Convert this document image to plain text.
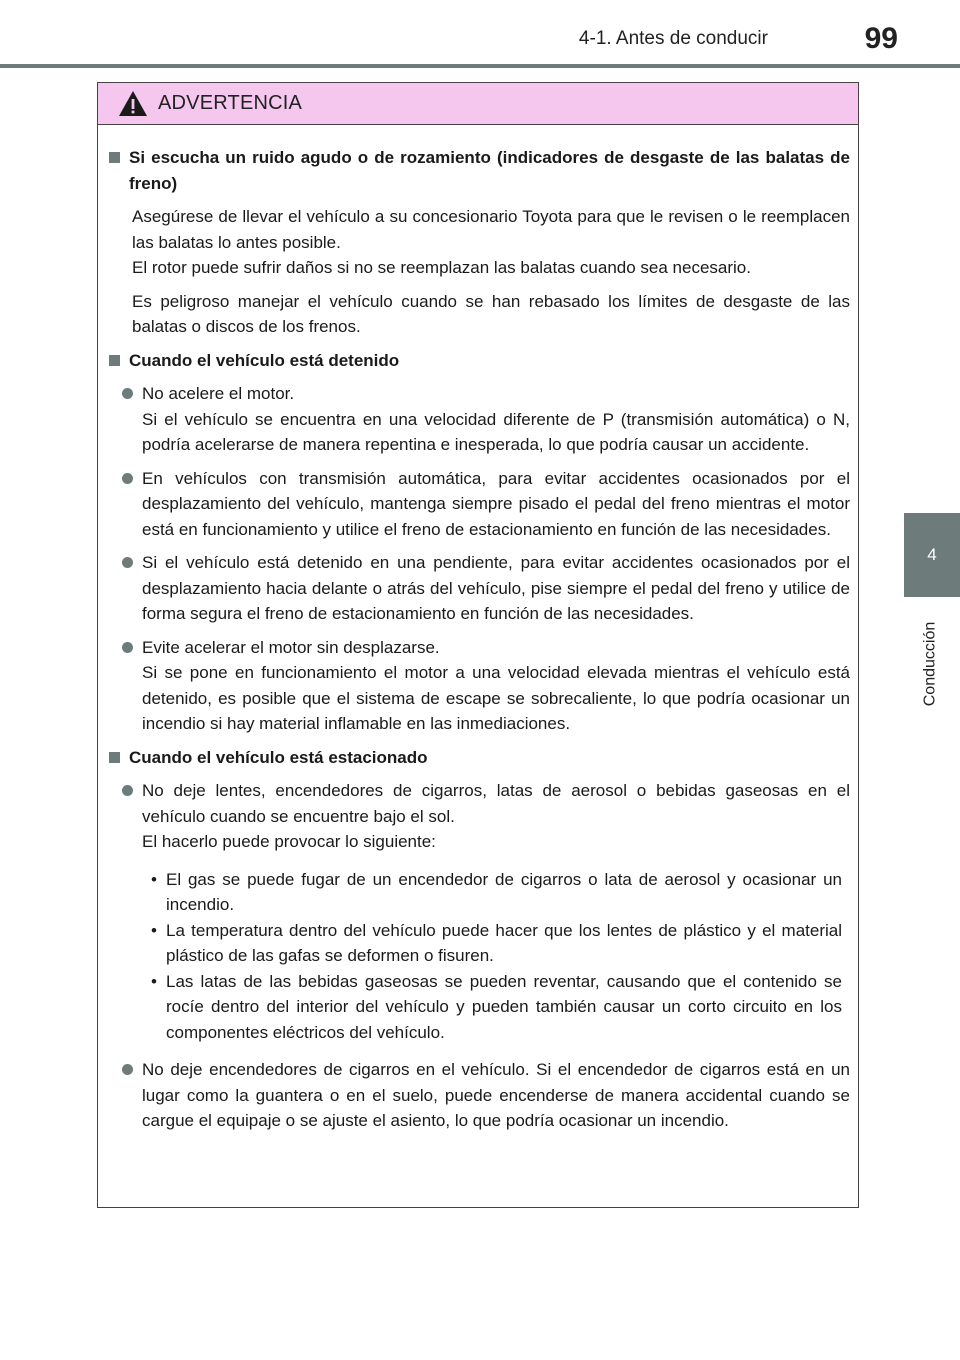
4-1. Antes de conducir	99
4
Conducción
ADVERTENCIA
Si escucha un ruido agudo o de rozamiento (indicadores de desgaste de las balatas de freno)
Asegúrese de llevar el vehículo a su concesionario Toyota para que le revisen o le reemplacen las balatas lo antes posible.
El rotor puede sufrir daños si no se reemplazan las balatas cuando sea necesario.
Es peligroso manejar el vehículo cuando se han rebasado los límites de desgaste de las balatas o discos de los frenos.
Cuando el vehículo está detenido
No acelere el motor.
Si el vehículo se encuentra en una velocidad diferente de P (transmisión automática) o N, podría acelerarse de manera repentina e inesperada, lo que podría causar un accidente.
En vehículos con transmisión automática, para evitar accidentes ocasionados por el desplazamiento del vehículo, mantenga siempre pisado el pedal del freno mientras el motor está en funcionamiento y utilice el freno de estacionamiento en función de las necesidades.
Si el vehículo está detenido en una pendiente, para evitar accidentes ocasionados por el desplazamiento hacia delante o atrás del vehículo, pise siempre el pedal del freno y utilice de forma segura el freno de estacionamiento en función de las necesidades.
Evite acelerar el motor sin desplazarse.
Si se pone en funcionamiento el motor a una velocidad elevada mientras el vehículo está detenido, es posible que el sistema de escape se sobrecaliente, lo que podría ocasionar un incendio si hay material inflamable en las inmediaciones.
Cuando el vehículo está estacionado
No deje lentes, encendedores de cigarros, latas de aerosol o bebidas gaseosas en el vehículo cuando se encuentre bajo el sol.
El hacerlo puede provocar lo siguiente:
• El gas se puede fugar de un encendedor de cigarros o lata de aerosol y ocasionar un incendio.
• La temperatura dentro del vehículo puede hacer que los lentes de plástico y el material plástico de las gafas se deformen o fisuren.
• Las latas de las bebidas gaseosas se pueden reventar, causando que el contenido se rocíe dentro del interior del vehículo y pueden también causar un corto circuito en los componentes eléctricos del vehículo.
No deje encendedores de cigarros en el vehículo. Si el encendedor de cigarros está en un lugar como la guantera o en el suelo, puede encenderse de manera accidental cuando se cargue el equipaje o se ajuste el asiento, lo que podría ocasionar un incendio.
